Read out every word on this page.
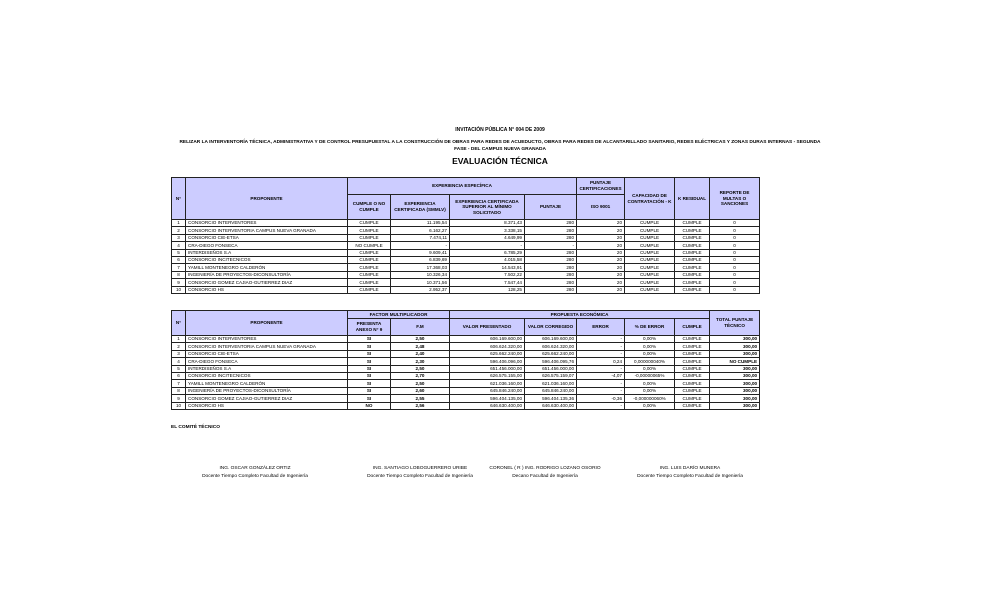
INVITACIÓN PÚBLICA N° 004 DE 2009
RELIZAR LA INTERVENTORÍA TÉCNICA, ADMINISTRATIVA Y DE CONTROL PRESUPUESTAL A LA CONSTRUCCIÓN DE OBRAS PARA REDES DE ACUEDUCTO, OBRAS PARA REDES DE ALCANTARILLADO SANITARIO, REDES ELÉCTRICAS Y ZONAS DURAS INTERNAS - SEGUNDA
FASE - DEL CAMPUS NUEVA GRANADA
EVALUACIÓN TÉCNICA
N°	PROPONENTE	EXPERIENCIA ESPECÍFICA				PUNTAJE CERTIFICACIONES	CAPACIDAD DE CONTRATACIÓN - K	K RESIDUAL	REPORTE DE MULTAS O SANCIONES
		CUMPLE O NO CUMPLE	EXPERIENCIA CERTIFICADA (SMMLV)	EXPERIENCIA CERTIFICADA SUPERIOR AL MÍNIMO SOLICITADO	PUNTAJE	ISO 9001			
1	CONSORCIO INTERVENTORES	CUMPLE	11.195,54	8.371,43	280	20	CUMPLE	CUMPLE	0
2	CONSORCIO INTERVENTORIA CAMPUS NUEVA GRANADA	CUMPLE	6.162,27	3.338,15	280	20	CUMPLE	CUMPLE	0
3	CONSORCIO CIE-ETSA	CUMPLE	7.474,11	4.649,99	280	20	CUMPLE	CUMPLE	0
4	CRA-DIEGO FONSECA	NO CUMPLE	-	-	-	20	CUMPLE	CUMPLE	0
5	INTERDISEÑOS S.A	CUMPLE	9.609,41	6.785,29	280	20	CUMPLE	CUMPLE	0
6	CONSORCIO INCITECNICOS	CUMPLE	6.839,69	4.015,58	280	20	CUMPLE	CUMPLE	0
7	YAMILL MONTENEGRO CALDERÓN	CUMPLE	17.368,03	14.543,91	280	20	CUMPLE	CUMPLE	0
8	INGENIERÍA DE PROYECTOS-DICONSULTORÍA	CUMPLE	10.326,34	7.502,22	280	20	CUMPLE	CUMPLE	0
9	CONSORCIO GOMEZ CAJIAO-GUTIERREZ DIAZ	CUMPLE	10.371,56	7.547,44	280	20	CUMPLE	CUMPLE	0
10	CONSORCIO HS	CUMPLE	2.952,37	128,25	280	20	CUMPLE	CUMPLE	0
N°	PROPONENTE	FACTOR MULTIPLICADOR		PROPUESTA ECONÓMICA					TOTAL PUNTAJE TÉCNICO
		PRESENTA ANEXO N° 9	F.M	VALOR PRESENTADO	VALOR CORREGIDO	ERROR	% DE ERROR	CUMPLE	
1	CONSORCIO INTERVENTORES	SI	2,50	606.169.600,00	606.169.600,00	-	0,00%	CUMPLE	300,00
2	CONSORCIO INTERVENTORIA CAMPUS NUEVA GRANADA	SI	2,48	606.624.320,00	606.624.320,00	-	0,00%	CUMPLE	300,00
3	CONSORCIO CIE-ETSA	SI	2,40	625.662.240,00	625.662.240,00	-	0,00%	CUMPLE	300,00
4	CRA-DIEGO FONSECA	SI	2,30	596.406.096,00	596.406.095,76	0,24	0,000000040%	CUMPLE	NO CUMPLE
5	INTERDISEÑOS S.A	SI	2,50	651.456.000,00	651.456.000,00	-	0,00%	CUMPLE	300,00
6	CONSORCIO INCITECNICOS	SI	2,70	626.575.155,00	626.575.159,07	-4,07	-0,00000065%	CUMPLE	300,00
7	YAMILL MONTENEGRO CALDERÓN	SI	2,50	621.036.160,00	621.036.160,00	-	0,00%	CUMPLE	300,00
8	INGENIERÍA DE PROYECTOS-DICONSULTORÍA	SI	2,60	645.846.240,00	645.846.240,00	-	0,00%	CUMPLE	300,00
9	CONSORCIO GOMEZ CAJIAO-GUTIERREZ DIAZ	SI	2,55	596.404.135,00	596.404.135,36	-0,36	-0,000000060%	CUMPLE	300,00
10	CONSORCIO HS	NO	2,56	646.630.400,00	646.630.400,00	-	0,00%	CUMPLE	300,00
EL COMITÉ TÉCNICO
ING. OSCAR GONZÁLEZ ORTIZ
Docente Tiempo Completo Facultad de Ingeniería
ING. SANTIAGO LOBOGUERRERO URIBE
Docente Tiempo Completo Facultad de Ingeniería
CORONEL ( R ) ING. RODRIGO LOZANO OSORIO
Decano Facultad de Ingeniería
ING. LUIS DARÍO MUNERA
Docente Tiempo Completo Facultad de Ingeniería
